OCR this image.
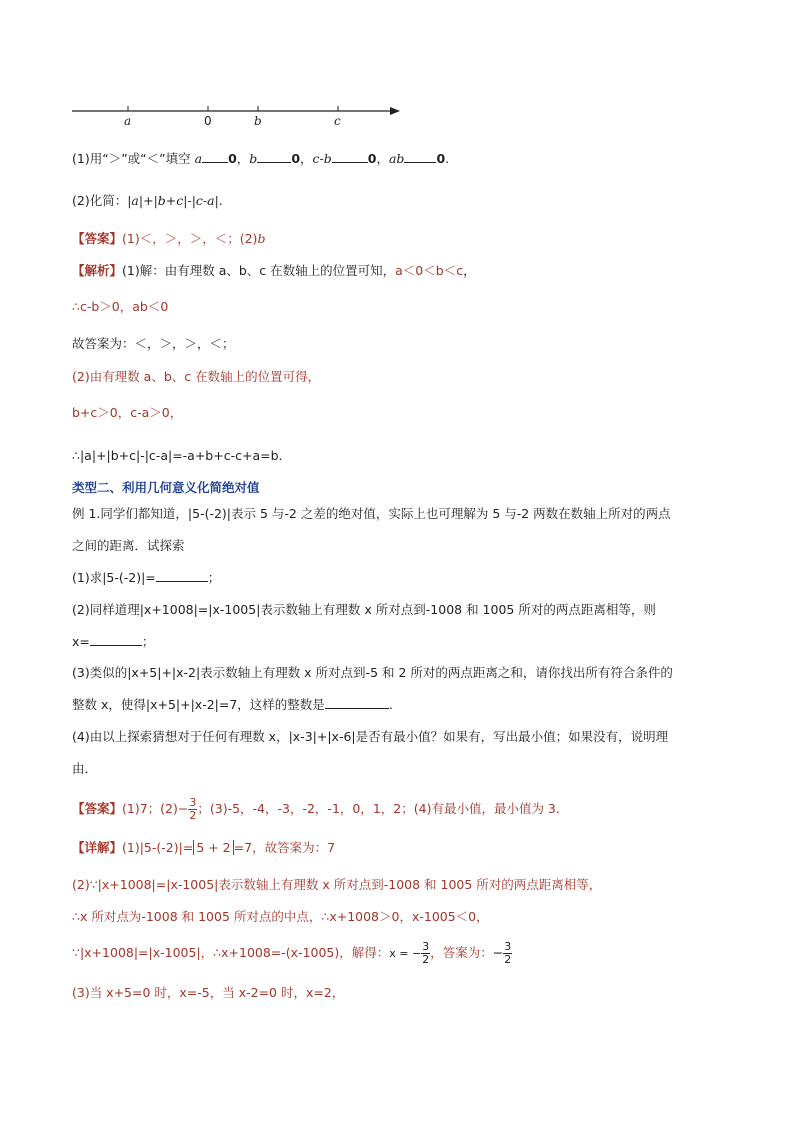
a	0	b	c
(1)用“＞”或“＜”填空 a 0，b	0，c-b	0，ab	0.
(2)化简：|a|+|b+c|-|c-a|.
【答案】(1)＜，＞，＞，＜；(2)b
【解析】(1)解：由有理数 a、b、c 在数轴上的位置可知，a＜0＜b＜c，
∴c-b＞0，ab＜0
故答案为：＜，＞，＞，＜；
(2)由有理数 a、b、c 在数轴上的位置可得，
b+c＞0，c-a＞0，
∴|a|+|b+c|-|c-a|=-a+b+c-c+a=b.
类型二、利用几何意义化简绝对值
例 1.同学们都知道，|5-(-2)|表示 5 与-2 之差的绝对值，实际上也可理解为 5 与-2 两数在数轴上所对的两点
之间的距离．试探索
(1)求|5-(-2)|=	；
(2)同样道理|x+1008|=|x-1005|表示数轴上有理数 x 所对点到-1008 和 1005 所对的两点距离相等，则
x=	；
(3)类似的|x+5|+|x-2|表示数轴上有理数 x 所对点到-5 和 2 所对的两点距离之和，请你找出所有符合条件的
整数 x，使得|x+5|+|x-2|=7，这样的整数是	.
(4)由以上探索猜想对于任何有理数 x，|x-3|+|x-6|是否有最小值？如果有，写出最小值；如果没有，说明理
由．
【答案】(1)7；$(2)- \frac{3}{2}$ ；(3)-5，-4，-3，-2，-1，0，1，2；(4)有最小值，最小值为 3.
【详解】(1)|5-(-2)|= 5 + 2 =7，故答案为：7
(2)∵|x+1008|=|x-1005|表示数轴上有理数 x 所对点到-1008 和 1005 所对的两点距离相等，
∴x 所对点为-1008 和 1005 所对点的中点，∴x+1008＞0，x-1005＜0，
∵|x+1008|=|x-1005|，∴x+1008=-(x-1005)，解得：x = − $\frac{3}{2}$ ，答案为：− $\frac{3}{2}$
(3)当 x+5=0 时，x=-5，当 x-2=0 时，x=2，
